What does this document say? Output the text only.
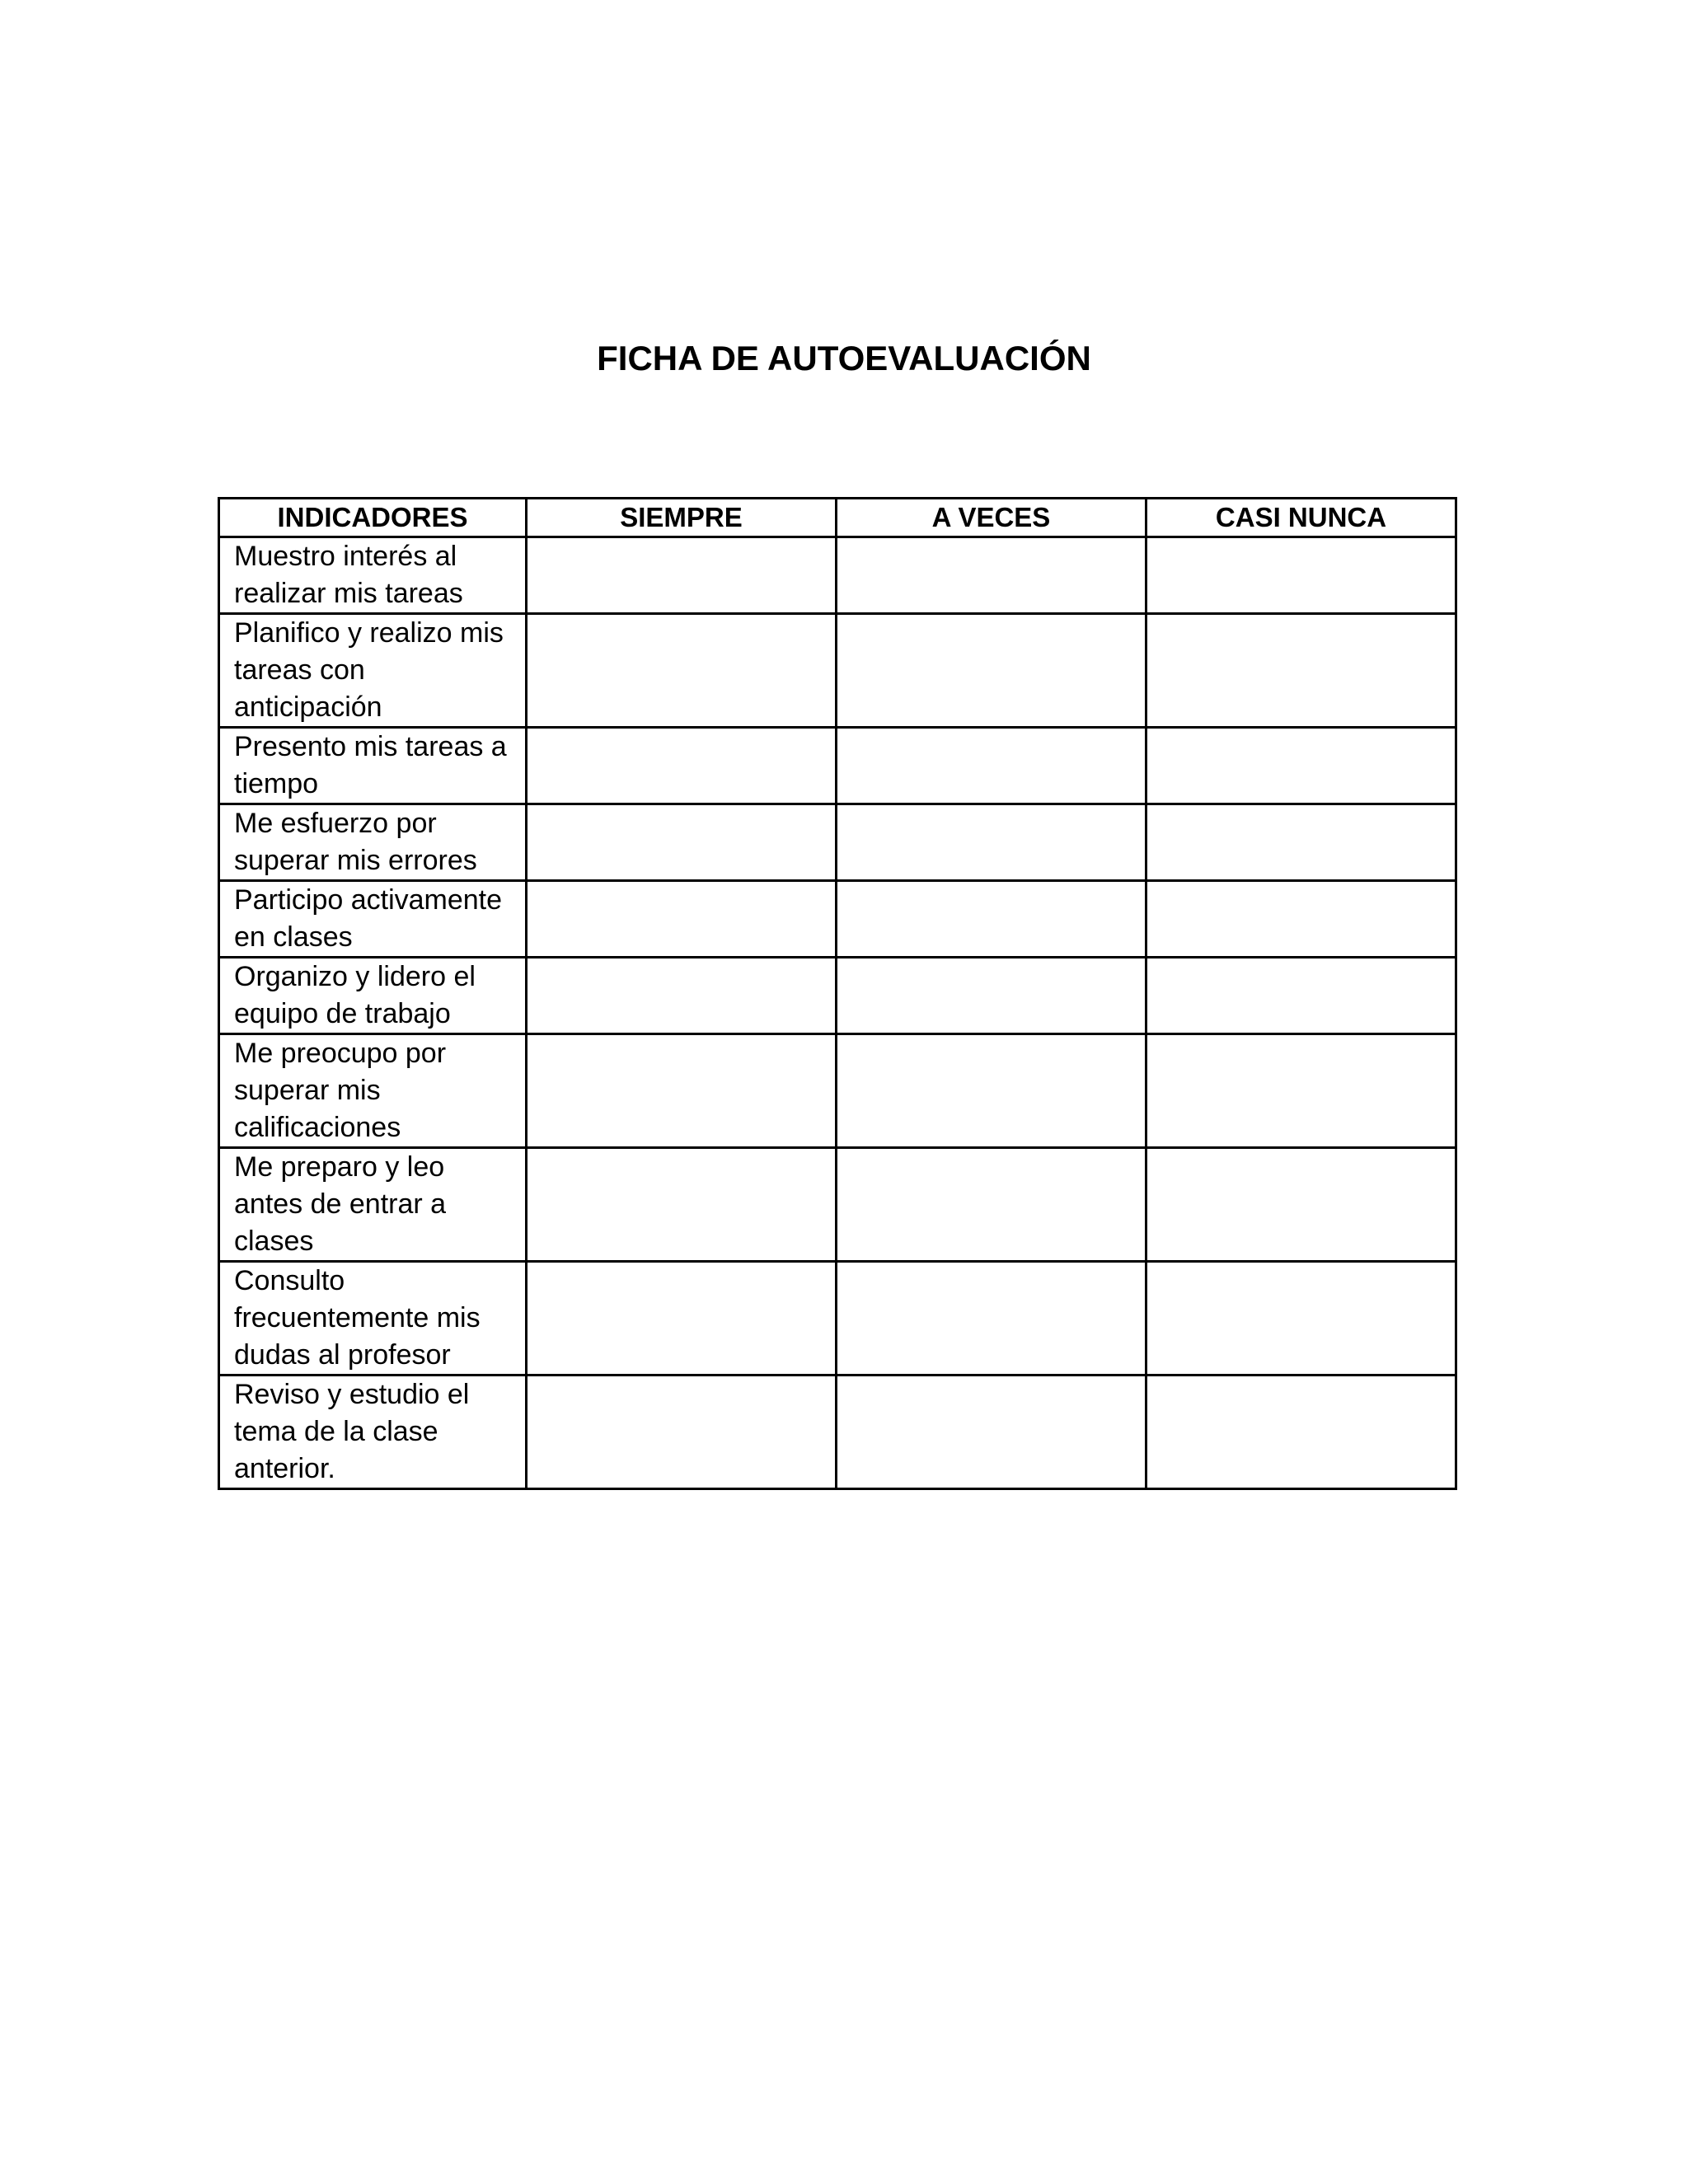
FICHA DE AUTOEVALUACIÓN
INDICADORES	SIEMPRE	A VECES	CASI NUNCA
Muestro interés al realizar mis tareas			
Planifico y realizo mis tareas con anticipación			
Presento mis tareas a tiempo			
Me esfuerzo por superar mis errores			
Participo activamente en clases			
Organizo y lidero el equipo de trabajo			
Me preocupo por superar mis calificaciones			
Me preparo y leo antes de entrar a clases			
Consulto frecuentemente mis dudas al profesor			
Reviso y estudio el tema de la clase anterior.			
